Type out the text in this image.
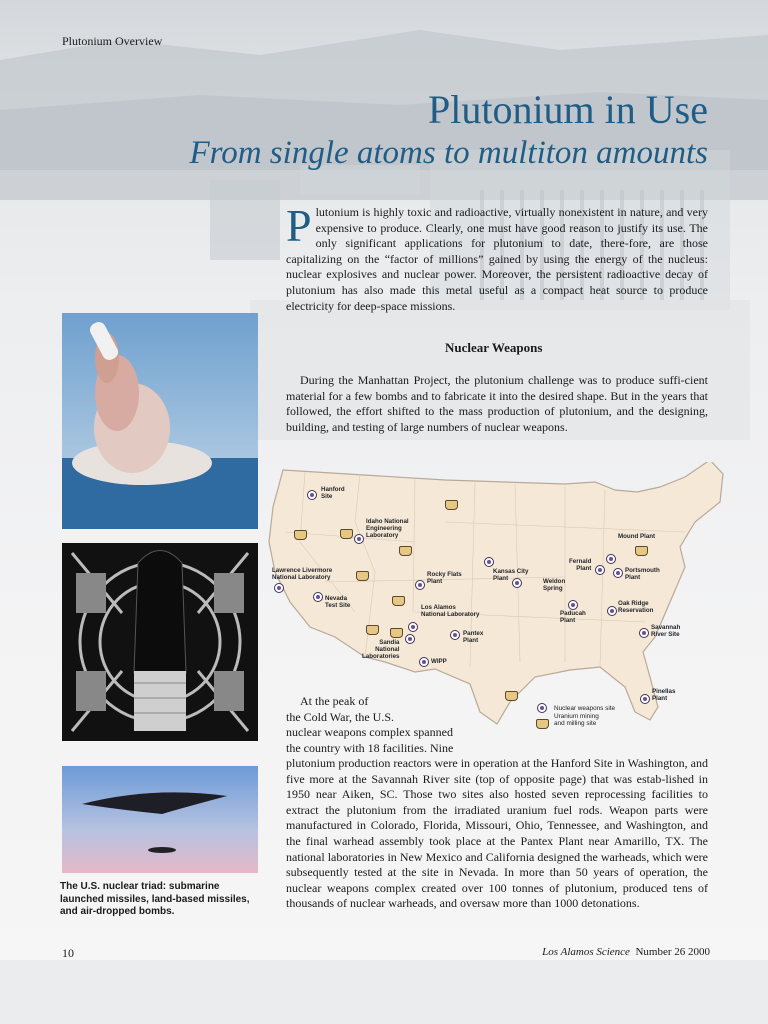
Plutonium Overview
Plutonium in Use
From single atoms to multiton amounts
Plutonium is highly toxic and radioactive, virtually nonexistent in nature, and very expensive to produce. Clearly, one must have good reason to justify its use. The only significant applications for plutonium to date, there-fore, are those capitalizing on the “factor of millions” gained by using the energy of the nucleus: nuclear explosives and nuclear power. Moreover, the persistent radioactive decay of plutonium has also made this metal useful as a compact heat source to produce electricity for deep-space missions.
Nuclear Weapons
During the Manhattan Project, the plutonium challenge was to produce suffi-cient material for a few bombs and to fabricate it into the desired shape. But in the years that followed, the effort shifted to the mass production of plutonium, and the designing, building, and testing of large numbers of nuclear weapons.
The U.S. nuclear triad: submarine launched missiles, land-based missiles, and air-dropped bombs.
Hanford
Site
Idaho National
Engineering
Laboratory
Lawrence Livermore
National Laboratory
Nevada
Test Site
Rocky Flats
Plant
Los Alamos
National Laboratory
Sandia
National
Laboratories
Pantex
Plant
WIPP
Kansas City
Plant	Weldon
Spring
Fernald
Plant
Mound Plant
Portsmouth
Plant
Paducah
Plant
Oak Ridge
Reservation
Savannah
River Site
Pinellas
Plant
Nuclear weapons site
Uranium mining
and milling site
At the peak of
the Cold War, the U.S.
nuclear weapons complex spanned
the country with 18 facilities. Nine
plutonium production reactors were in operation at the Hanford Site in Washington, and five more at the Savannah River site (top of opposite page) that was estab-lished in 1950 near Aiken, SC. Those two sites also hosted seven reprocessing facilities to extract the plutonium from the irradiated uranium fuel rods. Weapon parts were manufactured in Colorado, Florida, Missouri, Ohio, Tennessee, and Washington, and the final warhead assembly took place at the Pantex Plant near Amarillo, TX. The national laboratories in New Mexico and California designed the warheads, which were subsequently tested at the site in Nevada. In more than 50 years of operation, the nuclear weapons complex created over 100 tonnes of plutonium, produced tens of thousands of nuclear warheads, and oversaw more than 1000 detonations.
10	Los Alamos Science Number 26 2000
